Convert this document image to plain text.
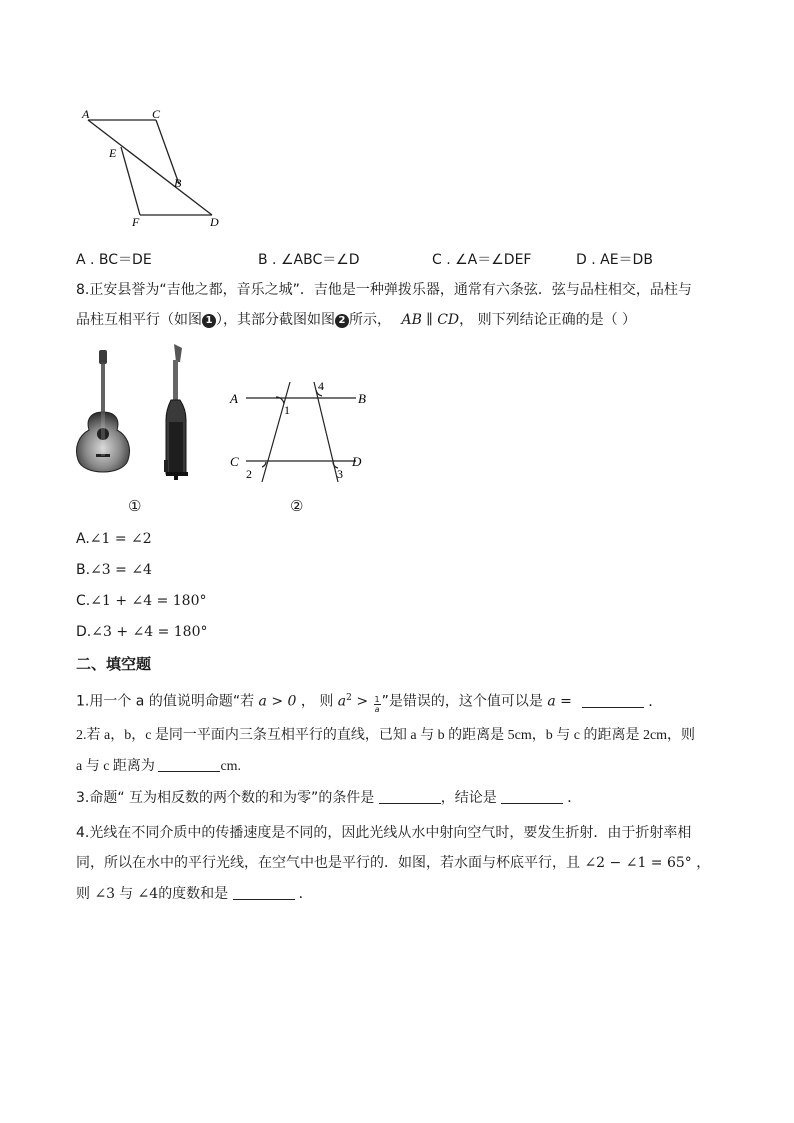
A	C
E
B
F	D
A . BC＝DE	B . ∠ABC＝∠D	C . ∠A＝∠DEF	D . AE＝DB
8.正安县誉为“吉他之都，音乐之城”．吉他是一种弹拨乐器，通常有六条弦．弦与品柱相交，品柱与
品柱互相平行（如图 1 ），其部分截图如图 2 所示， AB ∥ CD， 则下列结论正确的是（ ）
A	B
C	D
1
2	3
4
①	②
A.∠1 = ∠2
B.∠3 = ∠4
C.∠1 + ∠4 = 180°
D.∠3 + ∠4 = 180°
二、填空题
1.用一个 a 的值说明命题“若 a > 0 ， 则 $a^2 > \frac{1}{a}$ ”是错误的，这个值可以是 a =	．
2.若 a，b，c 是同一平面内三条互相平行的直线，已知 a 与 b 的距离是 5cm，b 与 c 的距离是 2cm，则
a 与 c 距离为	cm.
3.命题“ 互为相反数的两个数的和为零”的条件是	，结论是	．
4.光线在不同介质中的传播速度是不同的，因此光线从水中射向空气时，要发生折射．由于折射率相
同，所以在水中的平行光线，在空气中也是平行的．如图，若水面与杯底平行，且 ∠2 − ∠1 = 65° ，
则 ∠3 与 ∠4的度数和是	．
